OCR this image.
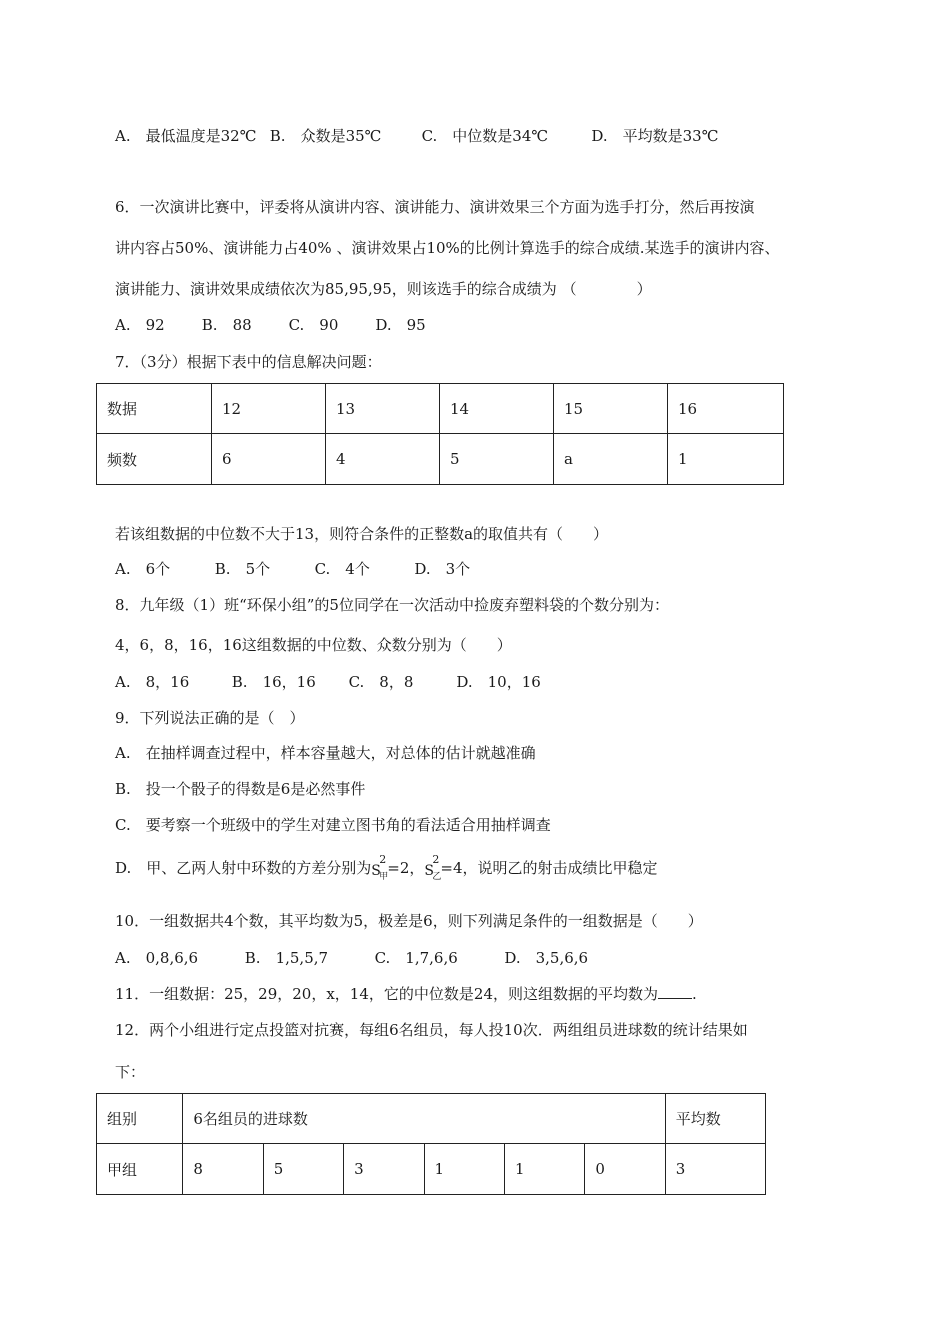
A.　最低温度是32℃ B.　众数是35℃	C.　中位数是34℃	D.　平均数是33℃
6．一次演讲比赛中，评委将从演讲内容、演讲能力、演讲效果三个方面为选手打分，然后再按演
讲内容占50%、演讲能力占40% 、演讲效果占10%的比例计算选手的综合成绩.某选手的演讲内容、
演讲能力、演讲效果成绩依次为85,95,95，则该选手的综合成绩为 （　　　　）
A.　92 B.　88 C.　90 D.　95
7．（3分）根据下表中的信息解决问题：
数据	12	13	14	15	16
频数	6	4	5	a	1
若该组数据的中位数不大于13，则符合条件的正整数a的取值共有（　　）
A.　6个	B.　5个	C.　4个	D.　3个
8．九年级（1）班“环保小组”的5位同学在一次活动中捡废弃塑料袋的个数分别为：
4，6，8，16，16这组数据的中位数、众数分别为（　　）
A.　8，16	B.　16，16 C.　8，8	D.　10，16
9．下列说法正确的是（　）
A.　在抽样调查过程中，样本容量越大，对总体的估计就越准确
B.　投一个骰子的得数是6是必然事件
C.　要考察一个班级中的学生对建立图书角的看法适合用抽样调查
D.　甲、乙两人射中环数的方差分别为 S
2
甲
=2， S
2
乙
=4，说明乙的射击成绩比甲稳定
10．一组数据共4个数，其平均数为5，极差是6，则下列满足条件的一组数据是（　　）
A.　0,8,6,6	B.　1,5,5,7	C.　1,7,6,6	D.　3,5,6,6
11．一组数据：25，29，20，x，14，它的中位数是24，则这组数据的平均数为 .
12．两个小组进行定点投篮对抗赛，每组6名组员，每人投10次．两组组员进球数的统计结果如
下：
组别	6名组员的进球数						平均数
甲组	8	5	3	1	1	0	3
